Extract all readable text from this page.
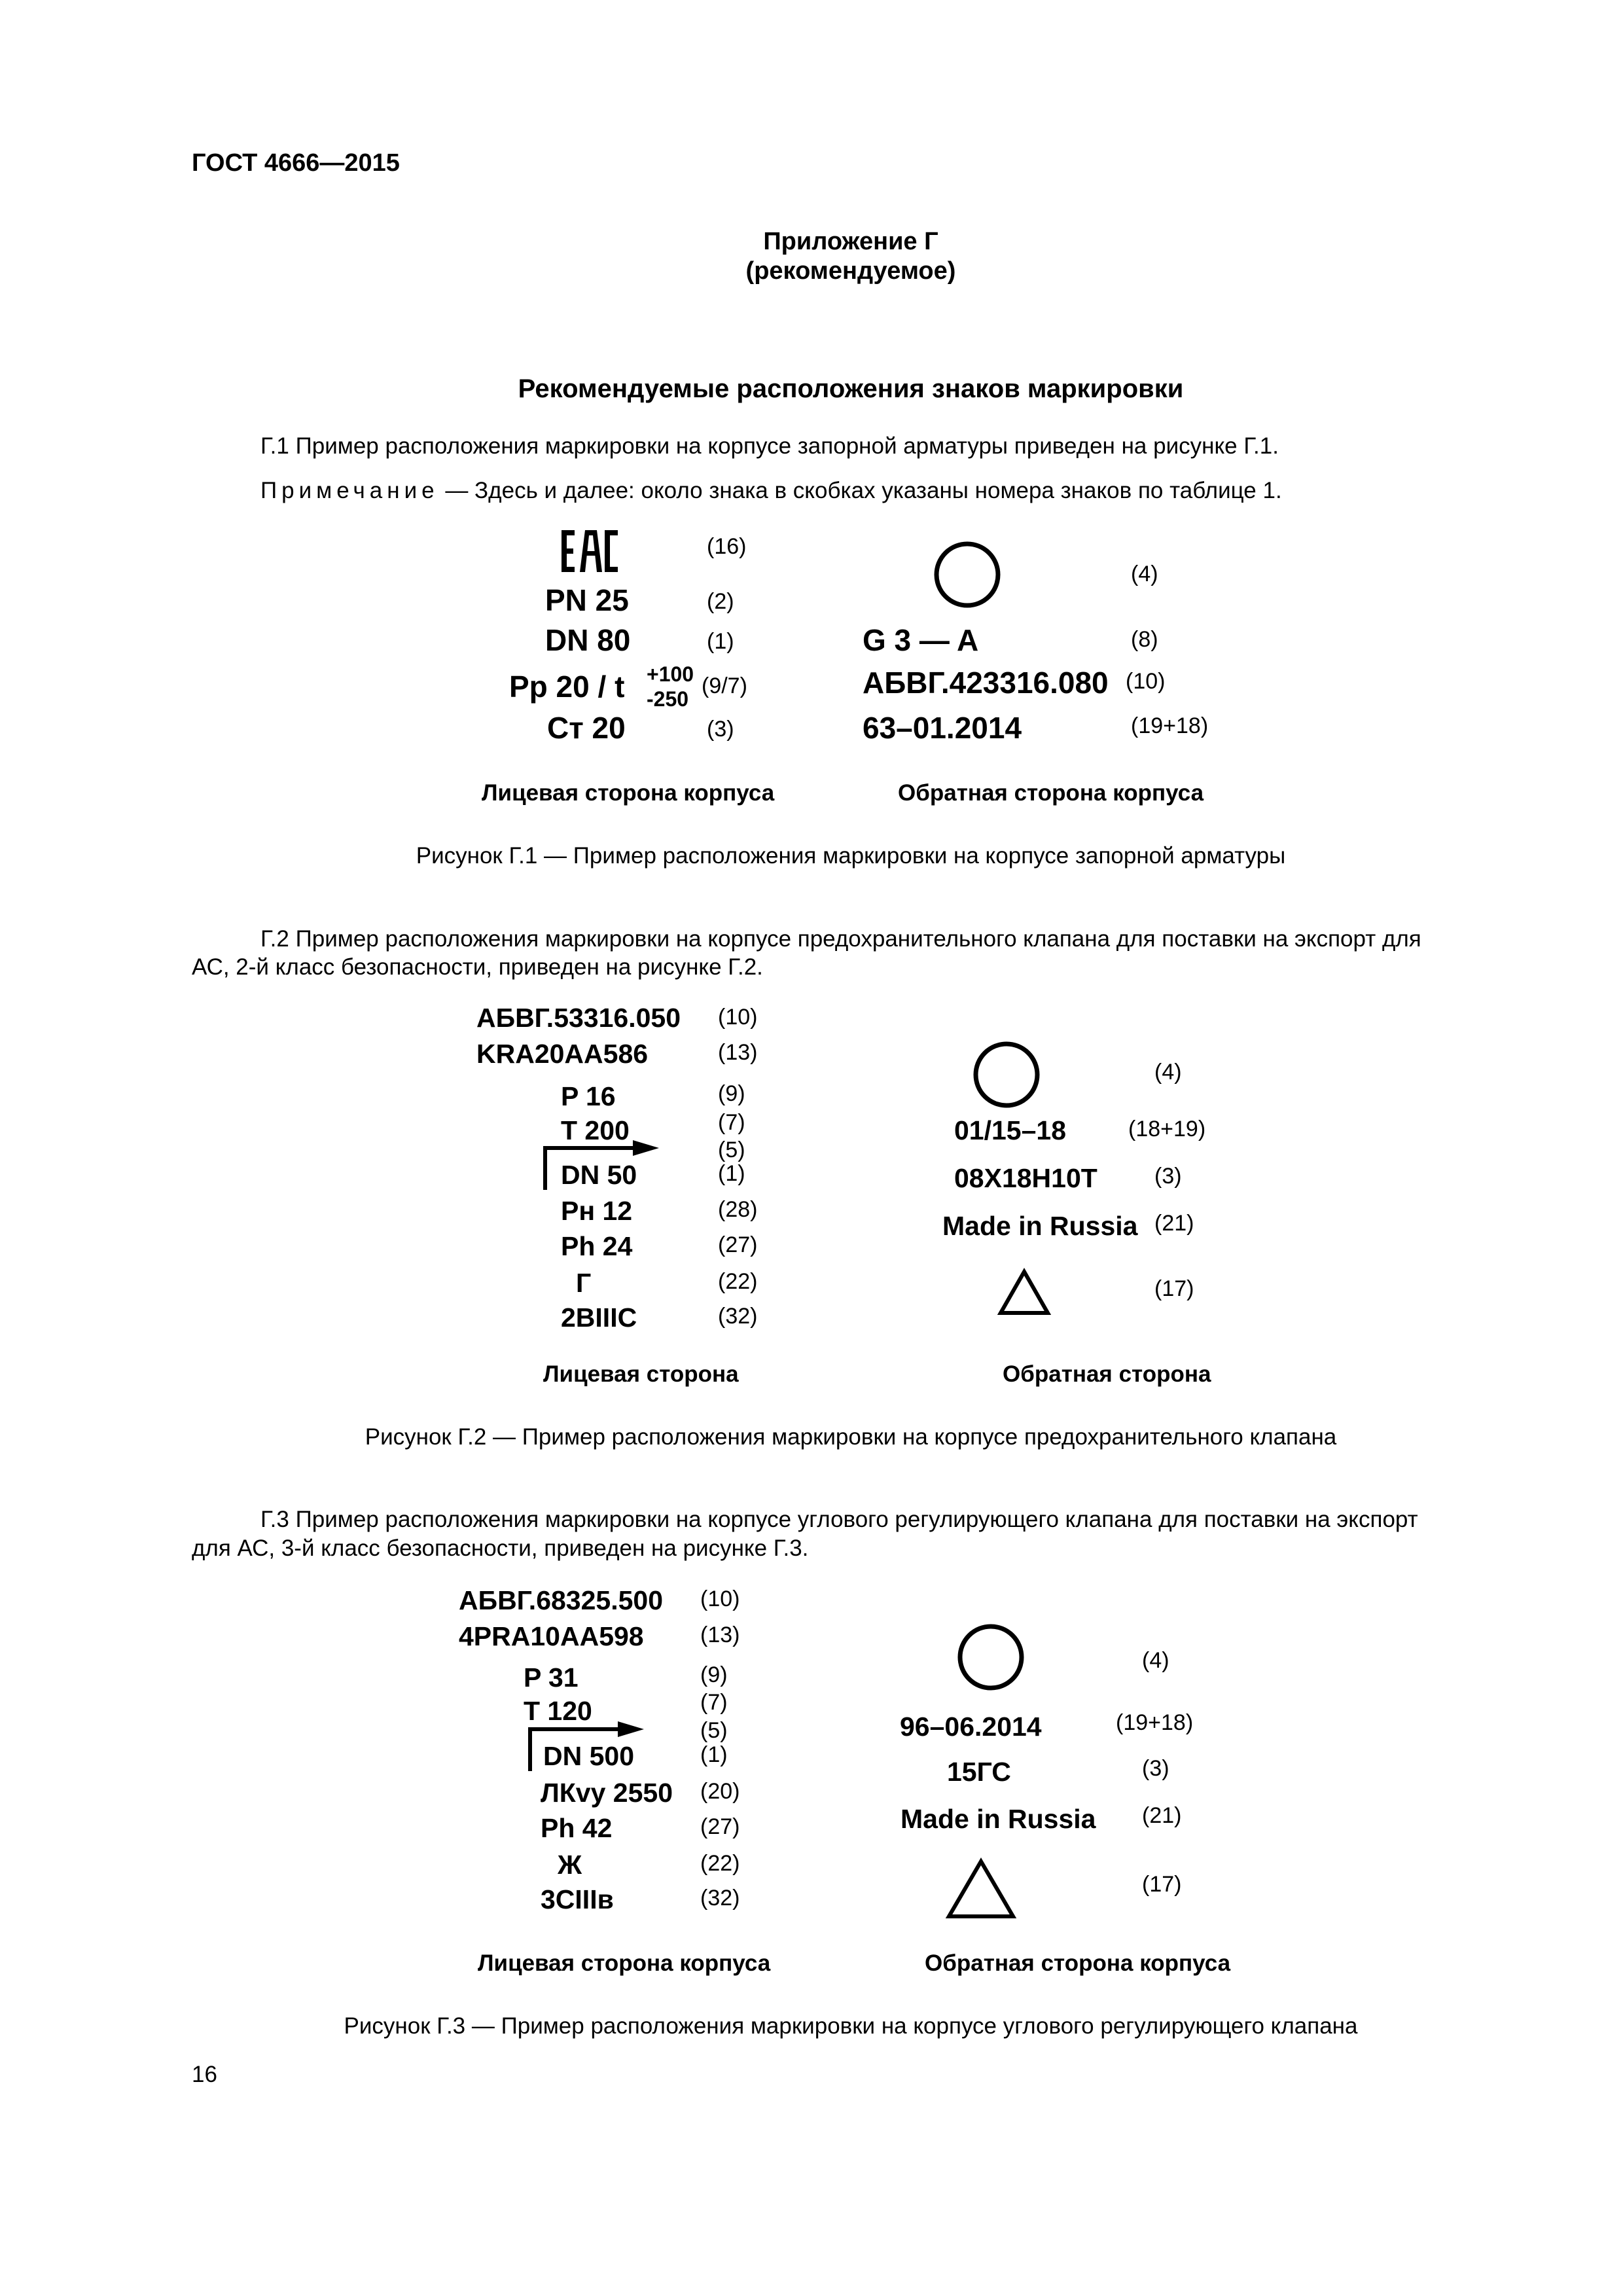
ГОСТ 4666—2015
Приложение Г
(рекомендуемое)
Рекомендуемые расположения знаков маркировки
Г.1 Пример расположения маркировки на корпусе запорной арматуры приведен на рисунке Г.1.
Примечание — Здесь и далее: около знака в скобках указаны номера знаков по таблице 1.
(16)
PN 25	(2)
DN 80	(1)
Pp 20 / t +100
-250
(9/7)
Ст 20	(3)
(4)
G 3 — A	(8)
АБВГ.423316.080 (10)
63–01.2014	(19+18)
Лицевая сторона корпуса	Обратная сторона корпуса
Рисунок Г.1 — Пример расположения маркировки на корпусе запорной арматуры
Г.2 Пример расположения маркировки на корпусе предохранительного клапана для поставки на экспорт для
АС, 2-й класс безопасности, приведен на рисунке Г.2.
АБВГ.53316.050 (10)
KRA20AA586	(13)
P 16	(9)
T 200	(7)
(5)
DN 50	(1)
Рн 12	(28)
Ph 24	(27)
Г	(22)
2BIIIC	(32)
(4)
01/15–18	(18+19)
08Х18Н10Т	(3)
Made in Russia (21)
(17)
Лицевая сторона	Обратная сторона
Рисунок Г.2 — Пример расположения маркировки на корпусе предохранительного клапана
Г.3 Пример расположения маркировки на корпусе углового регулирующего клапана для поставки на экспорт
для АС, 3-й класс безопасности, приведен на рисунке Г.3.
АБВГ.68325.500 (10)
4PRA10AA598	(13)
P 31	(9)
T 120	(7)
(5)
DN 500	(1)
ЛКvy 2550 (20)
Ph 42	(27)
Ж	(22)
3CIIIв	(32)
(4)
96–06.2014	(19+18)
15ГС	(3)
Made in Russia (21)
(17)
Лицевая сторона корпуса	Обратная сторона корпуса
Рисунок Г.3 — Пример расположения маркировки на корпусе углового регулирующего клапана
16
